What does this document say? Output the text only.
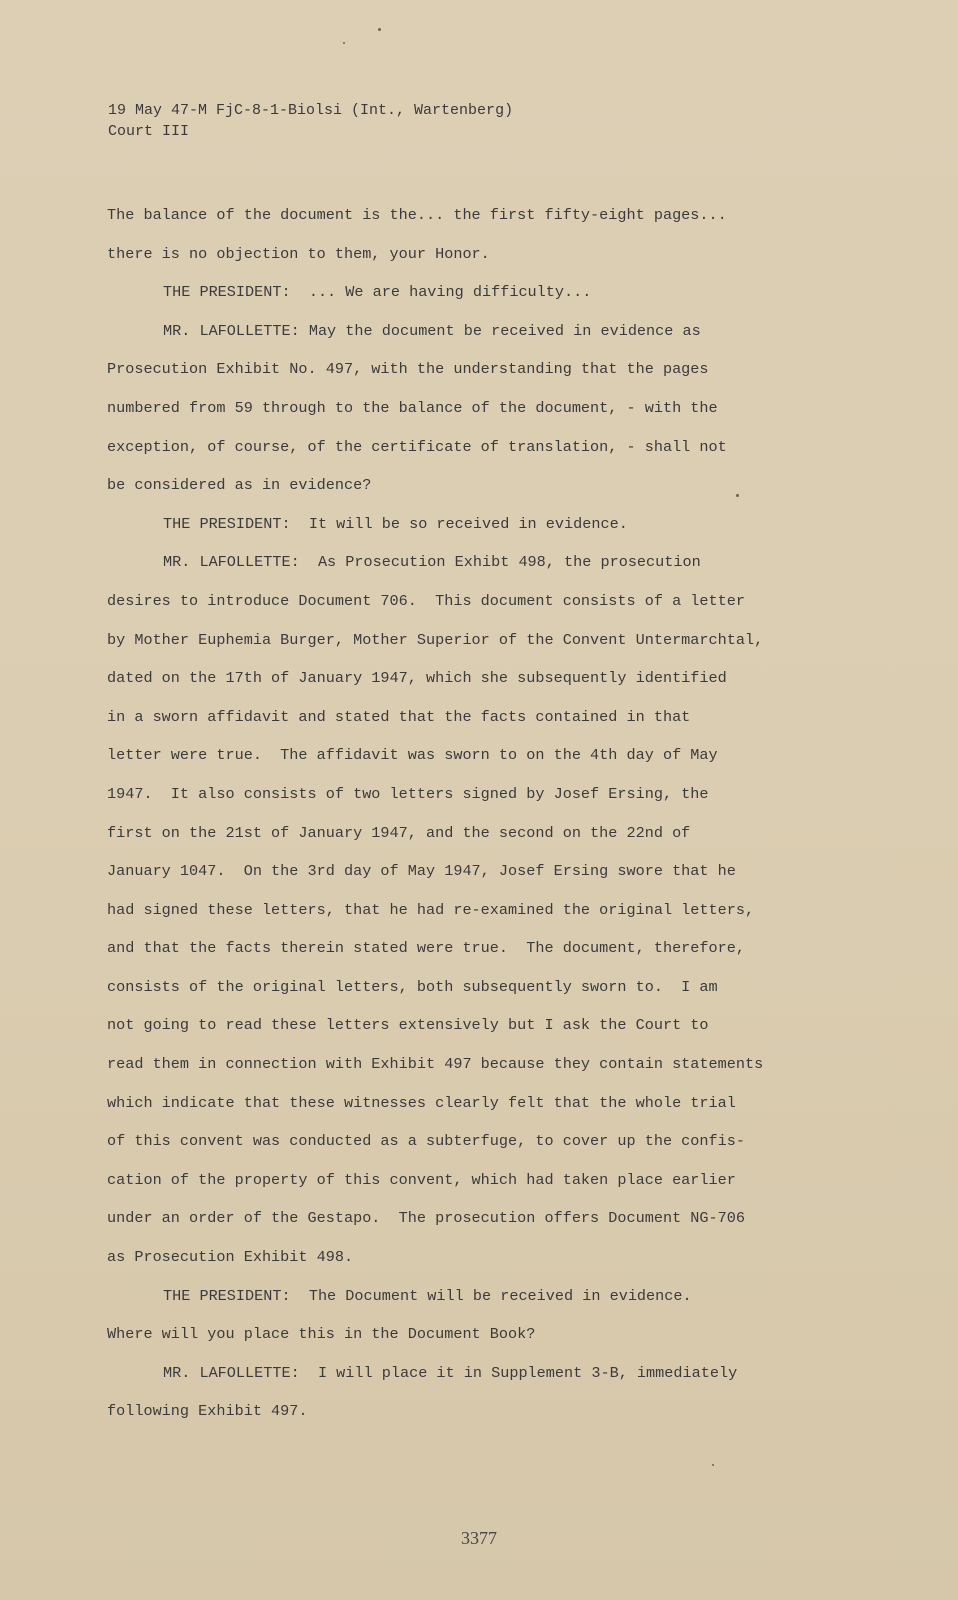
19 May 47-M FjC-8-1-Biolsi (Int., Wartenberg)
Court III
The balance of the document is the... the first fifty-eight pages...
there is no objection to them, your Honor.
THE PRESIDENT:  ... We are having difficulty...
MR. LAFOLLETTE: May the document be received in evidence as
Prosecution Exhibit No. 497, with the understanding that the pages
numbered from 59 through to the balance of the document, - with the
exception, of course, of the certificate of translation, - shall not
be considered as in evidence?
THE PRESIDENT:  It will be so received in evidence.
MR. LAFOLLETTE:  As Prosecution Exhibt 498, the prosecution
desires to introduce Document 706.  This document consists of a letter
by Mother Euphemia Burger, Mother Superior of the Convent Untermarchtal,
dated on the 17th of January 1947, which she subsequently identified
in a sworn affidavit and stated that the facts contained in that
letter were true.  The affidavit was sworn to on the 4th day of May
1947.  It also consists of two letters signed by Josef Ersing, the
first on the 21st of January 1947, and the second on the 22nd of
January 1047.  On the 3rd day of May 1947, Josef Ersing swore that he
had signed these letters, that he had re-examined the original letters,
and that the facts therein stated were true.  The document, therefore,
consists of the original letters, both subsequently sworn to.  I am
not going to read these letters extensively but I ask the Court to
read them in connection with Exhibit 497 because they contain statements
which indicate that these witnesses clearly felt that the whole trial
of this convent was conducted as a subterfuge, to cover up the confis-
cation of the property of this convent, which had taken place earlier
under an order of the Gestapo.  The prosecution offers Document NG-706
as Prosecution Exhibit 498.
THE PRESIDENT:  The Document will be received in evidence.
Where will you place this in the Document Book?
MR. LAFOLLETTE:  I will place it in Supplement 3-B, immediately
following Exhibit 497.
3377
